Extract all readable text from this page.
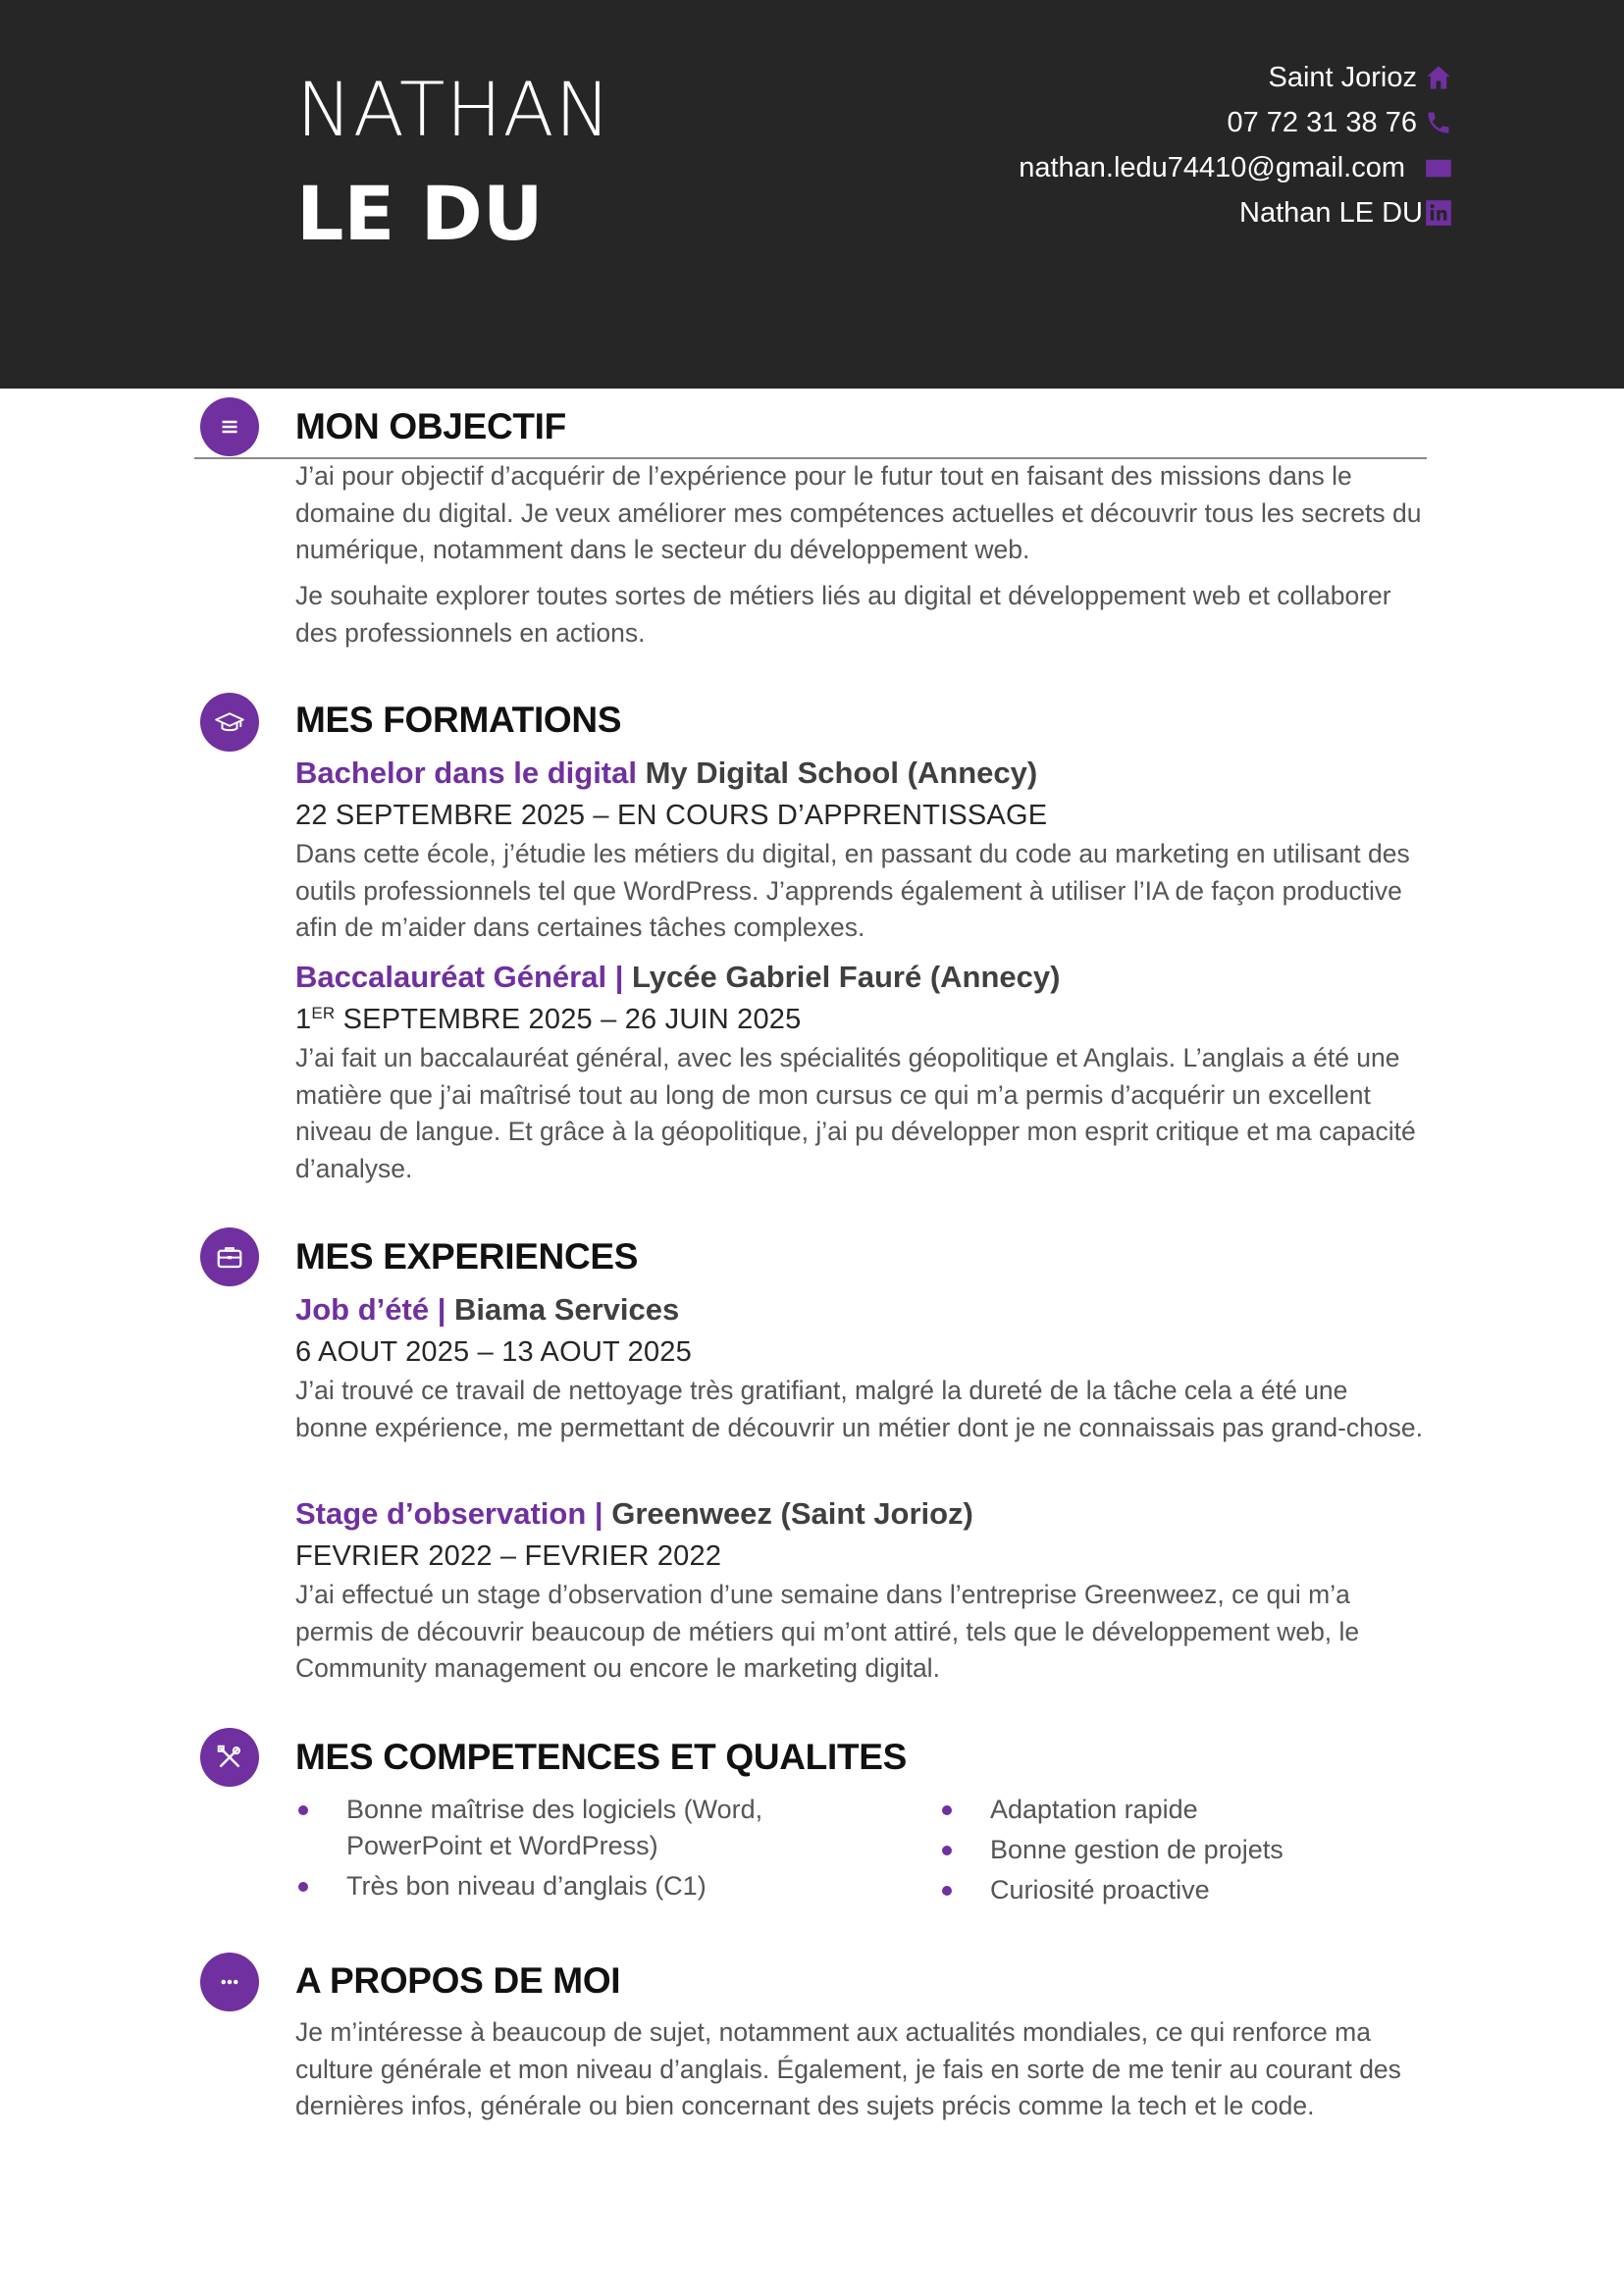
NATHAN
LE DU
Saint Jorioz
07 72 31 38 76
nathan.ledu74410@gmail.com
Nathan LE DU
MON OBJECTIF

J’ai pour objectif d’acquérir de l’expérience pour le futur tout en faisant des missions dans le domaine du digital. Je veux améliorer mes compétences actuelles et découvrir tous les secrets du numérique, notamment dans le secteur du développement web.

Je souhaite explorer toutes sortes de métiers liés au digital et développement web et collaborer des professionnels en actions.

MES FORMATIONS
Bachelor dans le digital My Digital School (Annecy)
22 SEPTEMBRE 2025 – EN COURS D’APPRENTISSAGE

Dans cette école, j’étudie les métiers du digital, en passant du code au marketing en utilisant des outils professionnels tel que WordPress. J’apprends également à utiliser l’IA de façon productive afin de m’aider dans certaines tâches complexes.

Baccalauréat Général | Lycée Gabriel Fauré (Annecy)
1ER SEPTEMBRE 2025 – 26 JUIN 2025

J’ai fait un baccalauréat général, avec les spécialités géopolitique et Anglais. L’anglais a été une matière que j’ai maîtrisé tout au long de mon cursus ce qui m’a permis d’acquérir un excellent niveau de langue. Et grâce à la géopolitique, j’ai pu développer mon esprit critique et ma capacité d’analyse.

MES EXPERIENCES
Job d’été | Biama Services
6 AOUT 2025 – 13 AOUT 2025

J’ai trouvé ce travail de nettoyage très gratifiant, malgré la dureté de la tâche cela a été une bonne expérience, me permettant de découvrir un métier dont je ne connaissais pas grand-chose.

Stage d’observation | Greenweez (Saint Jorioz)
FEVRIER 2022 – FEVRIER 2022

J’ai effectué un stage d’observation d’une semaine dans l’entreprise Greenweez, ce qui m’a permis de découvrir beaucoup de métiers qui m’ont attiré, tels que le développement web, le Community management ou encore le marketing digital.

MES COMPETENCES ET QUALITES
Bonne maîtrise des logiciels (Word, PowerPoint et WordPress)
Très bon niveau d’anglais (C1)
Adaptation rapide
Bonne gestion de projets
Curiosité proactive
A PROPOS DE MOI

Je m’intéresse à beaucoup de sujet, notamment aux actualités mondiales, ce qui renforce ma culture générale et mon niveau d’anglais. Également, je fais en sorte de me tenir au courant des dernières infos, générale ou bien concernant des sujets précis comme la tech et le code.
